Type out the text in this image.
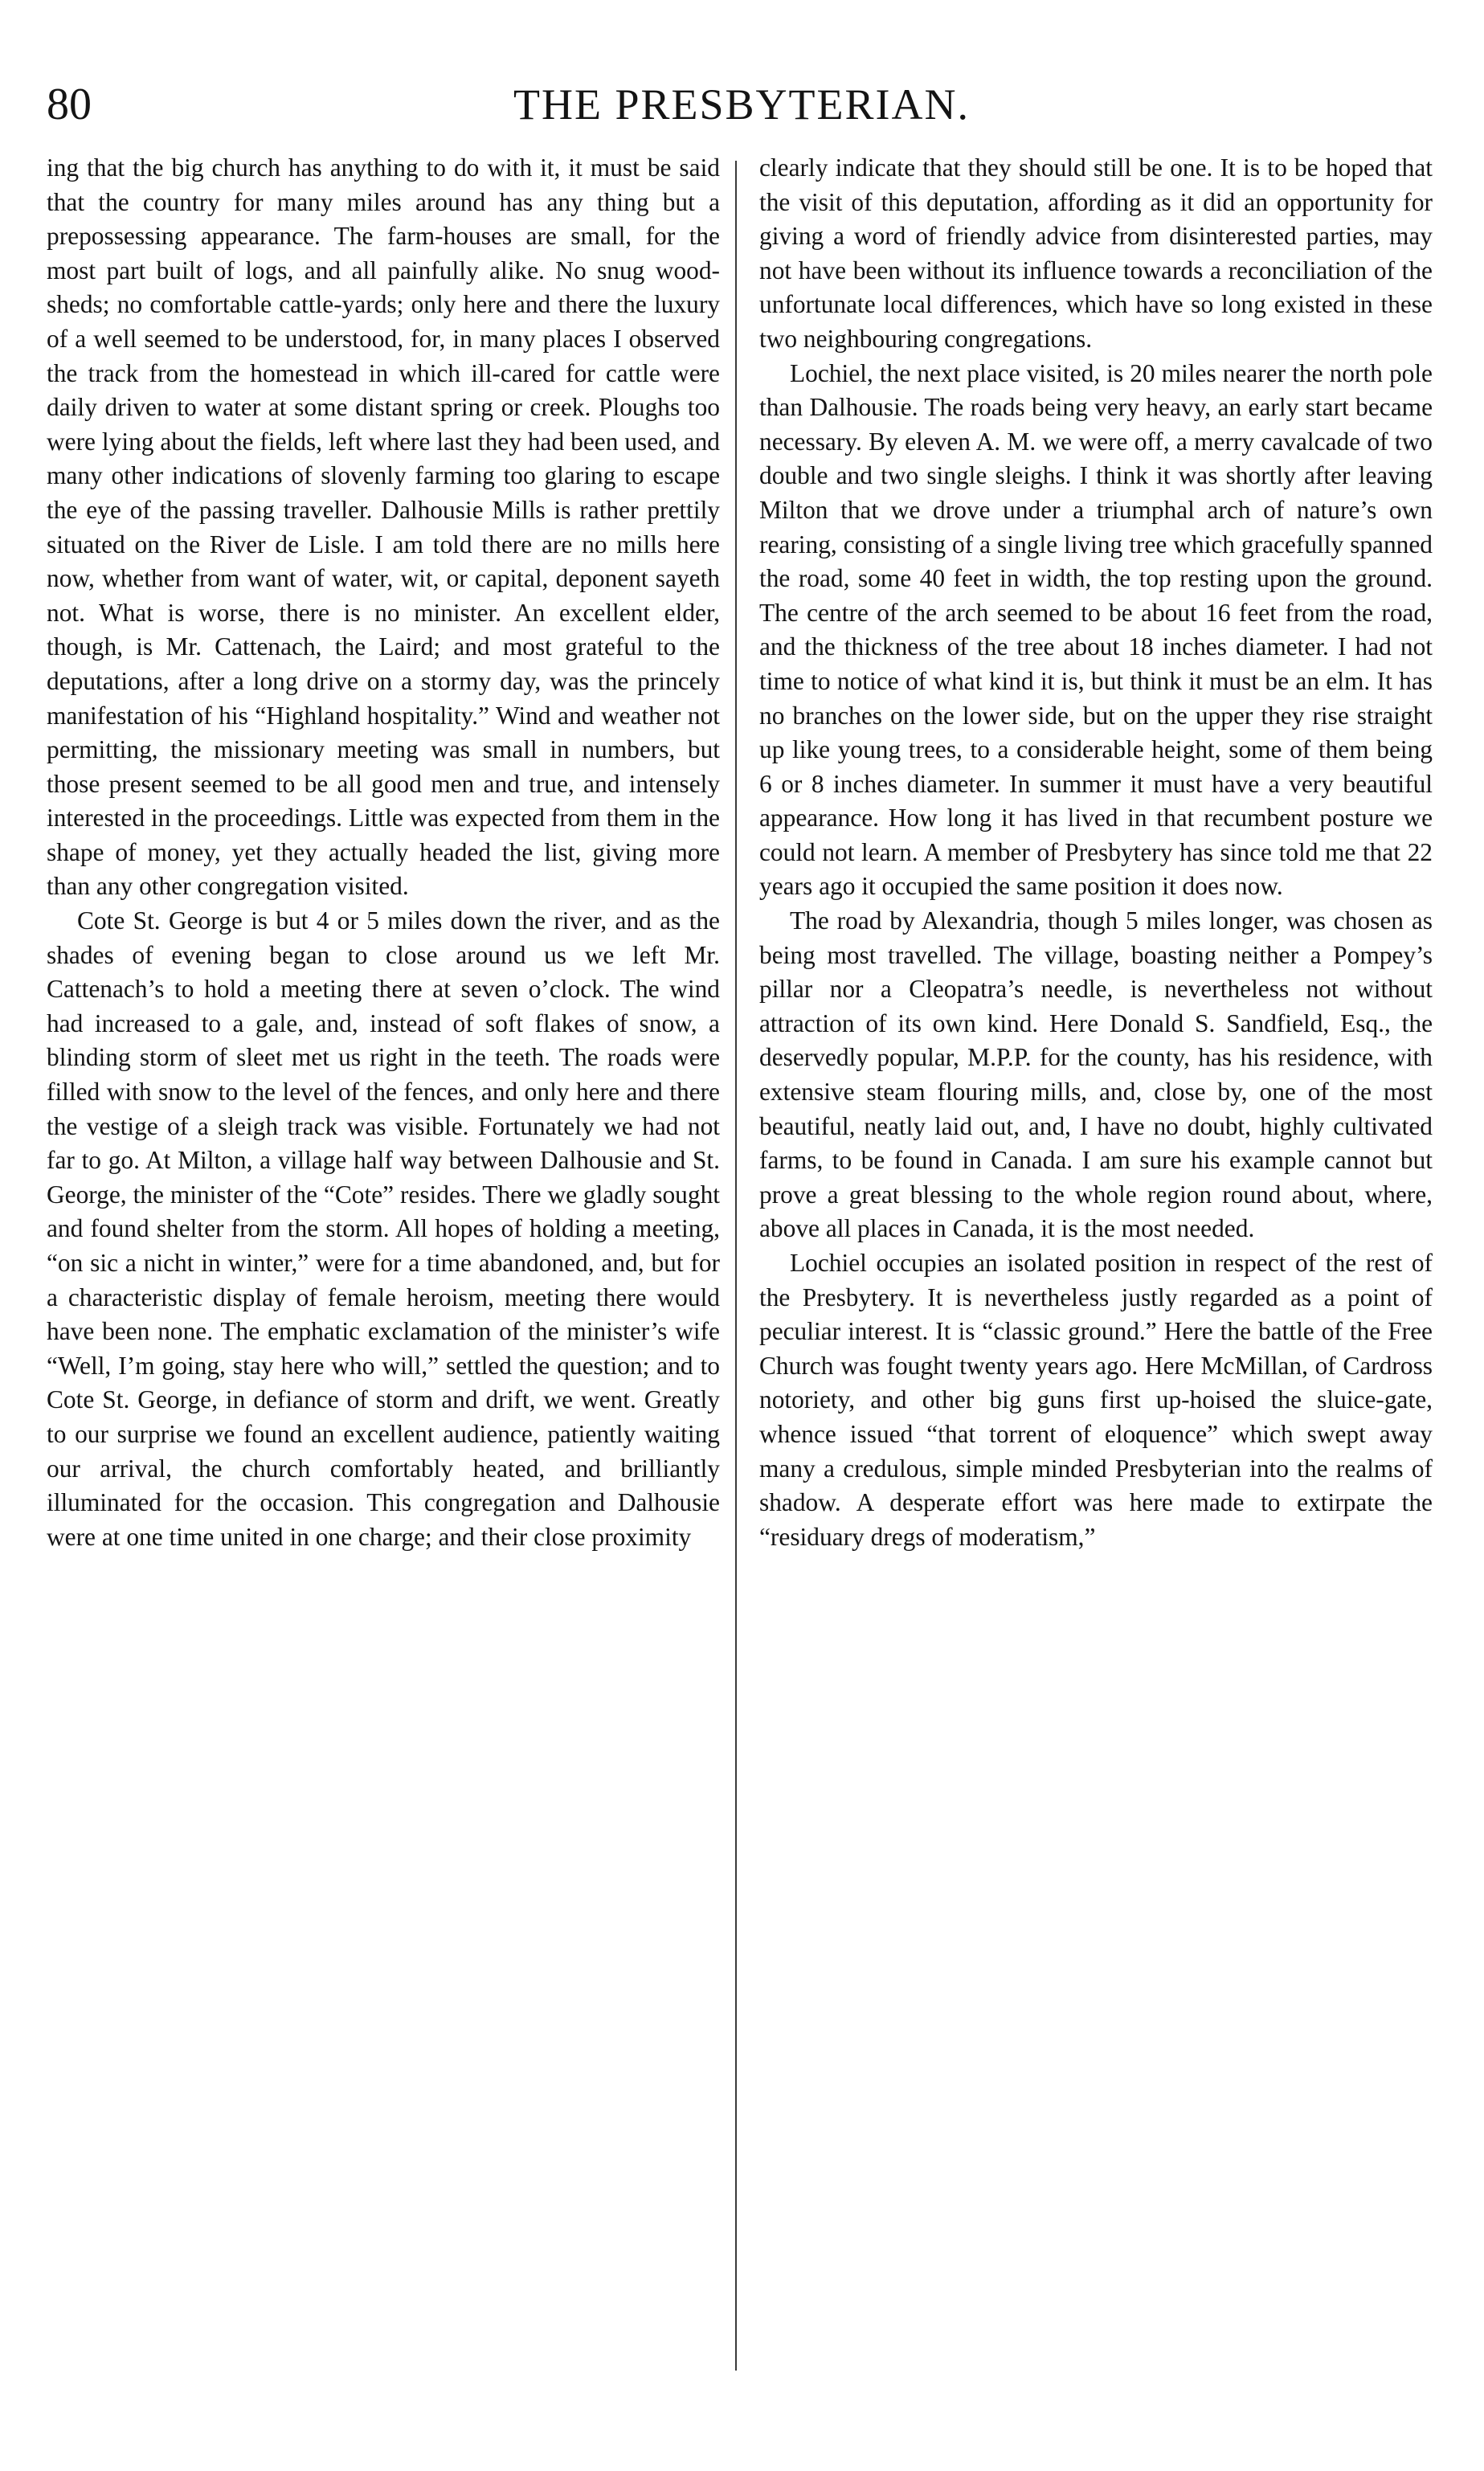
80	THE PRESBYTERIAN.

ing that the big church has anything to do with it, it must be said that the country for many miles around has any thing but a prepossessing appearance. The farm-houses are small, for the most part built of logs, and all painfully alike. No snug wood-sheds; no comfortable cattle-yards; only here and there the luxury of a well seemed to be understood, for, in many places I observed the track from the homestead in which ill-cared for cattle were daily driven to water at some distant spring or creek. Ploughs too were lying about the fields, left where last they had been used, and many other indications of slovenly farming too glaring to escape the eye of the passing traveller. Dalhousie Mills is rather prettily situated on the River de Lisle. I am told there are no mills here now, whether from want of water, wit, or capital, deponent sayeth not. What is worse, there is no minister. An excellent elder, though, is Mr. Cattenach, the Laird; and most grateful to the deputations, after a long drive on a stormy day, was the princely manifestation of his “Highland hospitality.” Wind and weather not permitting, the missionary meeting was small in numbers, but those present seemed to be all good men and true, and intensely interested in the proceedings. Little was expected from them in the shape of money, yet they actually headed the list, giving more than any other congregation visited.

Cote St. George is but 4 or 5 miles down the river, and as the shades of evening began to close around us we left Mr. Cattenach’s to hold a meeting there at seven o’clock. The wind had increased to a gale, and, instead of soft flakes of snow, a blinding storm of sleet met us right in the teeth. The roads were filled with snow to the level of the fences, and only here and there the vestige of a sleigh track was visible. Fortunately we had not far to go. At Milton, a village half way between Dalhousie and St. George, the minister of the “Cote” resides. There we gladly sought and found shelter from the storm. All hopes of holding a meeting, “on sic a nicht in winter,” were for a time abandoned, and, but for a characteristic display of female heroism, meeting there would have been none. The emphatic exclamation of the minister’s wife “Well, I’m going, stay here who will,” settled the question; and to Cote St. George, in defiance of storm and drift, we went. Greatly to our surprise we found an excellent audience, patiently waiting our arrival, the church comfortably heated, and brilliantly illuminated for the occasion. This congregation and Dalhousie were at one time united in one charge; and their close proximity

clearly indicate that they should still be one. It is to be hoped that the visit of this deputation, affording as it did an opportunity for giving a word of friendly advice from disinterested parties, may not have been without its influence towards a reconciliation of the unfortunate local differences, which have so long existed in these two neighbouring congregations.

Lochiel, the next place visited, is 20 miles nearer the north pole than Dalhousie. The roads being very heavy, an early start became necessary. By eleven A. M. we were off, a merry cavalcade of two double and two single sleighs. I think it was shortly after leaving Milton that we drove under a triumphal arch of nature’s own rearing, consisting of a single living tree which gracefully spanned the road, some 40 feet in width, the top resting upon the ground. The centre of the arch seemed to be about 16 feet from the road, and the thickness of the tree about 18 inches diameter. I had not time to notice of what kind it is, but think it must be an elm. It has no branches on the lower side, but on the upper they rise straight up like young trees, to a considerable height, some of them being 6 or 8 inches diameter. In summer it must have a very beautiful appearance. How long it has lived in that recumbent posture we could not learn. A member of Presbytery has since told me that 22 years ago it occupied the same position it does now.

The road by Alexandria, though 5 miles longer, was chosen as being most travelled. The village, boasting neither a Pompey’s pillar nor a Cleopatra’s needle, is nevertheless not without attraction of its own kind. Here Donald S. Sandfield, Esq., the deservedly popular, M.P.P. for the county, has his residence, with extensive steam flouring mills, and, close by, one of the most beautiful, neatly laid out, and, I have no doubt, highly cultivated farms, to be found in Canada. I am sure his example cannot but prove a great blessing to the whole region round about, where, above all places in Canada, it is the most needed.

Lochiel occupies an isolated position in respect of the rest of the Presbytery. It is nevertheless justly regarded as a point of peculiar interest. It is “classic ground.” Here the battle of the Free Church was fought twenty years ago. Here McMillan, of Cardross notoriety, and other big guns first up-hoised the sluice-gate, whence issued “that torrent of eloquence” which swept away many a credulous, simple minded Presbyterian into the realms of shadow. A desperate effort was here made to extirpate the “residuary dregs of moderatism,”
